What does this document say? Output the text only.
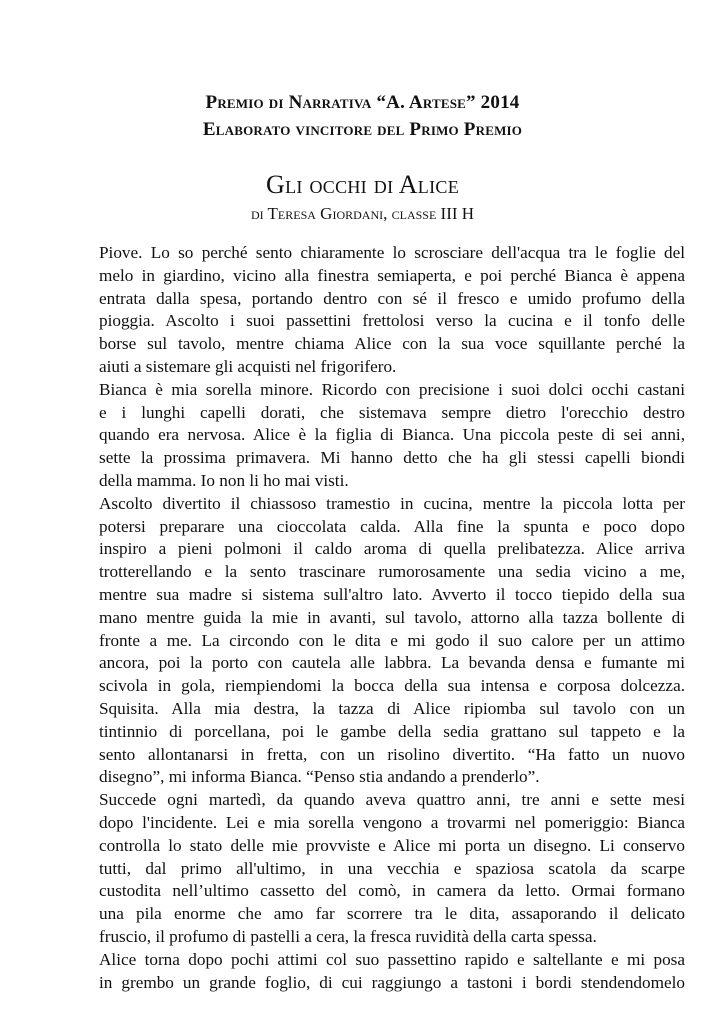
Premio di Narrativa “A. Artese” 2014
Elaborato vincitore del Primo Premio
Gli occhi di Alice
di Teresa Giordani, classe III H
Piove. Lo so perché sento chiaramente lo scrosciare dell'acqua tra le foglie del
melo in giardino, vicino alla finestra semiaperta, e poi perché Bianca è appena
entrata dalla spesa, portando dentro con sé il fresco e umido profumo della
pioggia. Ascolto i suoi passettini frettolosi verso la cucina e il tonfo delle
borse sul tavolo, mentre chiama Alice con la sua voce squillante perché la
aiuti a sistemare gli acquisti nel frigorifero.
Bianca è mia sorella minore. Ricordo con precisione i suoi dolci occhi castani
e i lunghi capelli dorati, che sistemava sempre dietro l'orecchio destro
quando era nervosa. Alice è la figlia di Bianca. Una piccola peste di sei anni,
sette la prossima primavera. Mi hanno detto che ha gli stessi capelli biondi
della mamma. Io non li ho mai visti.
Ascolto divertito il chiassoso tramestio in cucina, mentre la piccola lotta per
potersi preparare una cioccolata calda. Alla fine la spunta e poco dopo
inspiro a pieni polmoni il caldo aroma di quella prelibatezza. Alice arriva
trotterellando e la sento trascinare rumorosamente una sedia vicino a me,
mentre sua madre si sistema sull'altro lato. Avverto il tocco tiepido della sua
mano mentre guida la mie in avanti, sul tavolo, attorno alla tazza bollente di
fronte a me. La circondo con le dita e mi godo il suo calore per un attimo
ancora, poi la porto con cautela alle labbra. La bevanda densa e fumante mi
scivola in gola, riempiendomi la bocca della sua intensa e corposa dolcezza.
Squisita. Alla mia destra, la tazza di Alice ripiomba sul tavolo con un
tintinnio di porcellana, poi le gambe della sedia grattano sul tappeto e la
sento allontanarsi in fretta, con un risolino divertito. “Ha fatto un nuovo
disegno”, mi informa Bianca. “Penso stia andando a prenderlo”.
Succede ogni martedì, da quando aveva quattro anni, tre anni e sette mesi
dopo l'incidente. Lei e mia sorella vengono a trovarmi nel pomeriggio: Bianca
controlla lo stato delle mie provviste e Alice mi porta un disegno. Li conservo
tutti, dal primo all'ultimo, in una vecchia e spaziosa scatola da scarpe
custodita nell’ultimo cassetto del comò, in camera da letto. Ormai formano
una pila enorme che amo far scorrere tra le dita, assaporando il delicato
fruscio, il profumo di pastelli a cera, la fresca ruvidità della carta spessa.
Alice torna dopo pochi attimi col suo passettino rapido e saltellante e mi posa
in grembo un grande foglio, di cui raggiungo a tastoni i bordi stendendomelo
